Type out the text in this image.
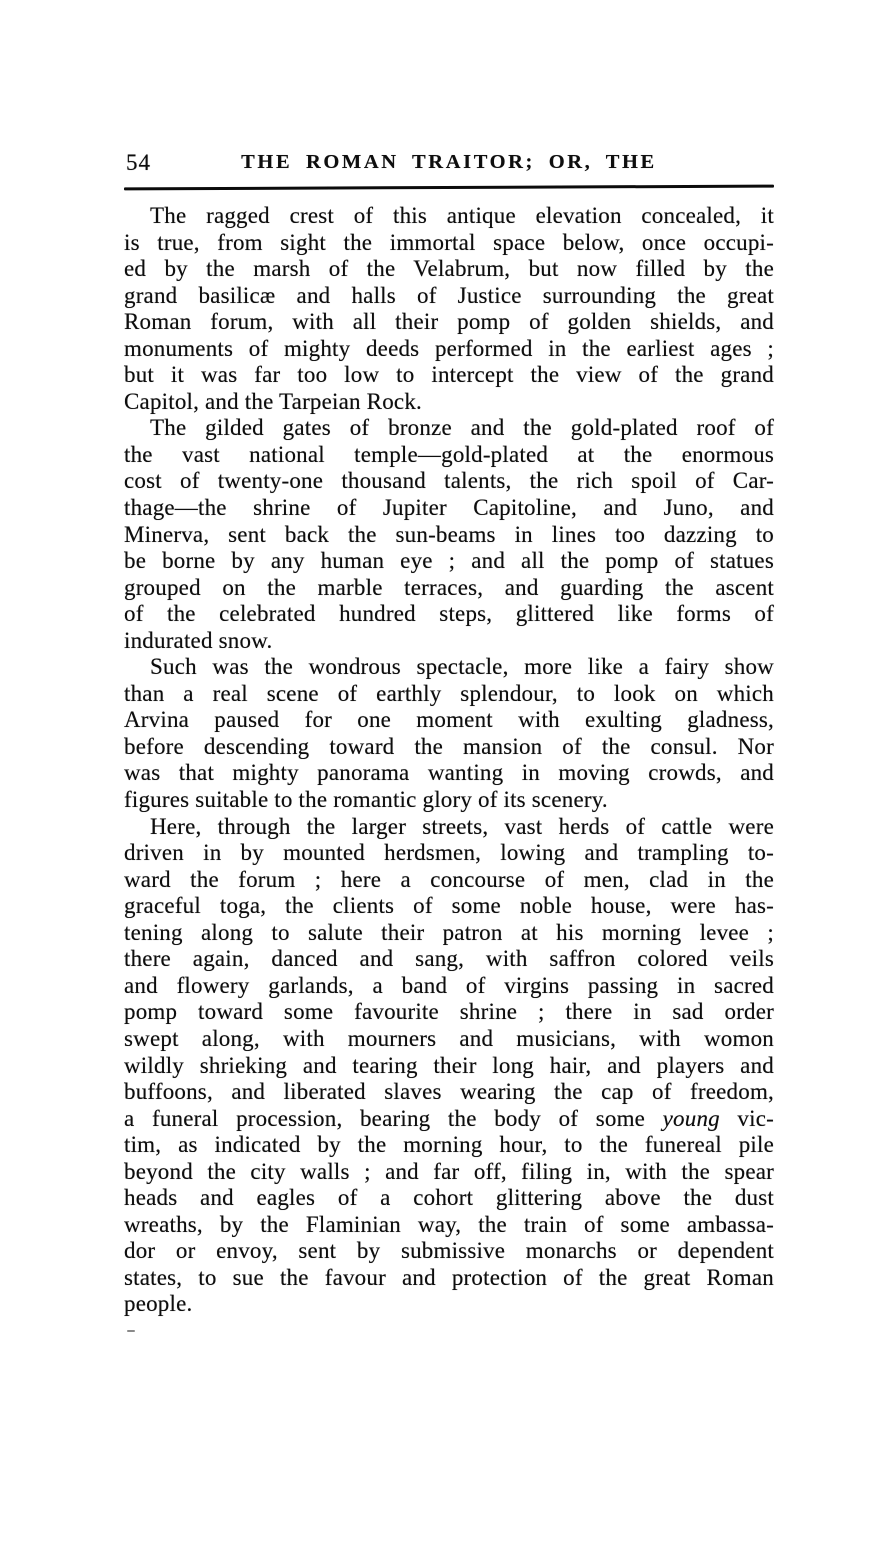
54	THE ROMAN TRAITOR; OR, THE
The ragged crest of this antique elevation concealed, it
is true, from sight the immortal space below, once occupi-
ed by the marsh of the Velabrum, but now filled by the
grand basilicæ and halls of Justice surrounding the great
Roman forum, with all their pomp of golden shields, and
monuments of mighty deeds performed in the earliest ages ;
but it was far too low to intercept the view of the grand
Capitol, and the Tarpeian Rock.
The gilded gates of bronze and the gold-plated roof of
the vast national temple—gold-plated at the enormous
cost of twenty-one thousand talents, the rich spoil of Car-
thage—the shrine of Jupiter Capitoline, and Juno, and
Minerva, sent back the sun-beams in lines too dazzing to
be borne by any human eye ; and all the pomp of statues
grouped on the marble terraces, and guarding the ascent
of the celebrated hundred steps, glittered like forms of
indurated snow.
Such was the wondrous spectacle, more like a fairy show
than a real scene of earthly splendour, to look on which
Arvina paused for one moment with exulting gladness,
before descending toward the mansion of the consul. Nor
was that mighty panorama wanting in moving crowds, and
figures suitable to the romantic glory of its scenery.
Here, through the larger streets, vast herds of cattle were
driven in by mounted herdsmen, lowing and trampling to-
ward the forum ; here a concourse of men, clad in the
graceful toga, the clients of some noble house, were has-
tening along to salute their patron at his morning levee ;
there again, danced and sang, with saffron colored veils
and flowery garlands, a band of virgins passing in sacred
pomp toward some favourite shrine ; there in sad order
swept along, with mourners and musicians, with womon
wildly shrieking and tearing their long hair, and players and
buffoons, and liberated slaves wearing the cap of freedom,
a funeral procession, bearing the body of some young vic-
tim, as indicated by the morning hour, to the funereal pile
beyond the city walls ; and far off, filing in, with the spear
heads and eagles of a cohort glittering above the dust
wreaths, by the Flaminian way, the train of some ambassa-
dor or envoy, sent by submissive monarchs or dependent
states, to sue the favour and protection of the great Roman
people.
